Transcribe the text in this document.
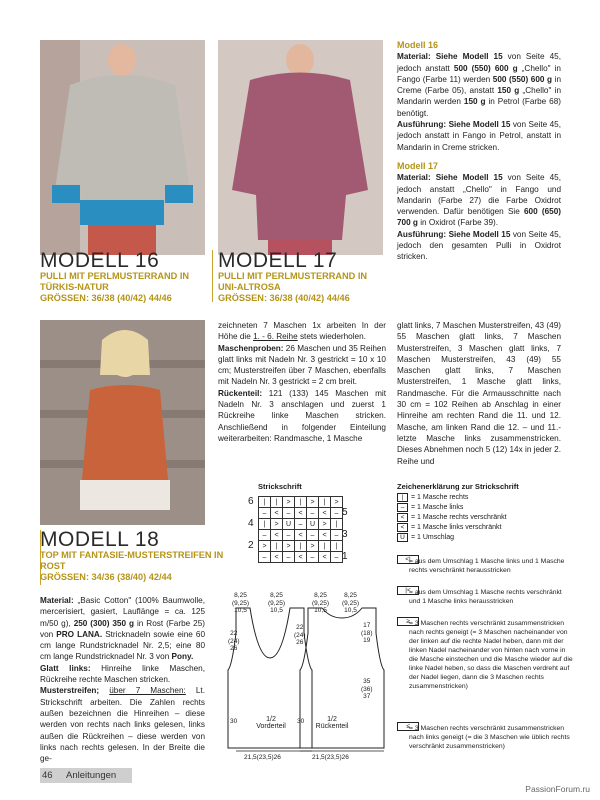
MODELL 16
PULLI MIT PERLMUSTERRAND IN
TÜRKIS-NATUR
GRÖSSEN: 36/38 (40/42) 44/46
MODELL 17
PULLI MIT PERLMUSTERRAND IN
UNI-ALTROSA
GRÖSSEN: 36/38 (40/42) 44/46
Modell 16
Material: Siehe Modell 15 von Seite 45, jedoch anstatt 500 (550) 600 g „Chello" in Fango (Farbe 11) werden 500 (550) 600 g in Creme (Farbe 05), anstatt 150 g „Chello" in Mandarin werden 150 g in Petrol (Farbe 68) benötigt.
Ausführung: Siehe Modell 15 von Seite 45, jedoch anstatt in Fango in Petrol, anstatt in Mandarin in Creme stricken.
Modell 17
Material: Siehe Modell 15 von Seite 45, jedoch anstatt „Chello" in Fango und Mandarin (Farbe 27) die Farbe Oxidrot verwenden. Dafür benötigen Sie 600 (650) 700 g in Oxidrot (Farbe 39).
Ausführung: Siehe Modell 15 von Seite 45, jedoch den gesamten Pulli in Oxidrot stricken.
MODELL 18
TOP MIT FANTASIE-MUSTERSTREIFEN IN
ROST
GRÖSSEN: 34/36 (38/40) 42/44
Material: „Basic Cotton" (100% Baumwolle, mercerisiert, gasiert, Lauflänge = ca. 125 m/50 g), 250 (300) 350 g in Rost (Farbe 25) von PRO LANA. Stricknadeln sowie eine 60 cm lange Rundstricknadel Nr. 2,5; eine 80 cm lange Rundstricknadel Nr. 3 von Pony.
Glatt links: Hinreihe linke Maschen, Rückreihe rechte Maschen stricken.
Musterstreifen; über 7 Maschen: Lt. Strickschrift arbeiten. Die Zahlen rechts außen bezeichnen die Hinreihen – diese werden von rechts nach links gelesen, links außen die Rückreihen – diese werden von links nach rechts gelesen. In der Breite die ge-
zeichneten 7 Maschen 1x arbeiten In der Höhe die 1. - 6. Reihe stets wiederholen.
Maschenproben: 26 Maschen und 35 Reihen glatt links mit Nadeln Nr. 3 gestrickt = 10 x 10 cm; Musterstreifen über 7 Maschen, ebenfalls mit Nadeln Nr. 3 gestrickt = 2 cm breit.
Rückenteil: 121 (133) 145 Maschen mit Nadeln Nr. 3 anschlagen und zuerst 1 Rückreihe linke Maschen stricken. Anschließend in folgender Einteilung weiterarbeiten: Randmasche, 1 Masche
glatt links, 7 Maschen Musterstreifen, 43 (49) 55 Maschen glatt links, 7 Maschen Musterstreifen, 3 Maschen glatt links, 7 Maschen Musterstreifen, 43 (49) 55 Maschen glatt links, 7 Maschen Musterstreifen, 1 Masche glatt links, Randmasche. Für die Armausschnitte nach 30 cm = 102 Reihen ab Anschlag in einer Hinreihe am rechten Rand die 11. und 12. Masche, am linken Rand die 12. – und 11.- letzte Masche links zusammenstricken. Dieses Abnehmen noch 5 (12) 14x in jeder 2. Reihe und
Strickschrift
|	|	>	|	>	|	>
–	<	–	<	–	<	–
|	>	U	–	U	>	|
–	<	–	<	–	<	–
>	|	>	|	>	|	|
–	<	–	<	–	<	–
6
4
2
5
3
1
8,25
(9,25)
10,5
8,25
(9,25)
10,5
8,25
(9,25)
10,5
8,25
(9,25)
10,5
22
(24)
26
22
(24)
26
17
(18)
19
35
(36)
37
30	30
1/2
Vorderteil
1/2
Rückenteil
21,5(23,5)26	21,5(23,5)26
Zeichenerklärung zur Strickschrift
|	= 1 Masche rechts
– = 1 Masche links
< = 1 Masche rechts verschränkt
< = 1 Masche links verschränkt
U = 1 Umschlag
<|
= aus dem Umschlag 1 Masche links und 1 Masche rechts verschränkt herausstricken
|<
= aus dem Umschlag 1 Masche rechts verschränkt und 1 Masche links herausstricken
≥ = 3 Maschen rechts verschränkt zusammenstricken nach rechts geneigt (= 3 Maschen nacheinander von der linken auf die rechte Nadel heben, dann mit der linken Nadel nacheinander von hinten nach vorne in die Masche einstechen und die Masche wieder auf die linke Nadel heben, so dass die Maschen verdreht auf der Nadel liegen, dann die 3 Maschen rechts zusammenstricken)
≤ = 3 Maschen rechts verschränkt zusammenstricken nach links geneigt (= die 3 Maschen wie üblich rechts verschränkt zusammenstricken)
46 Anleitungen
PassionForum.ru
